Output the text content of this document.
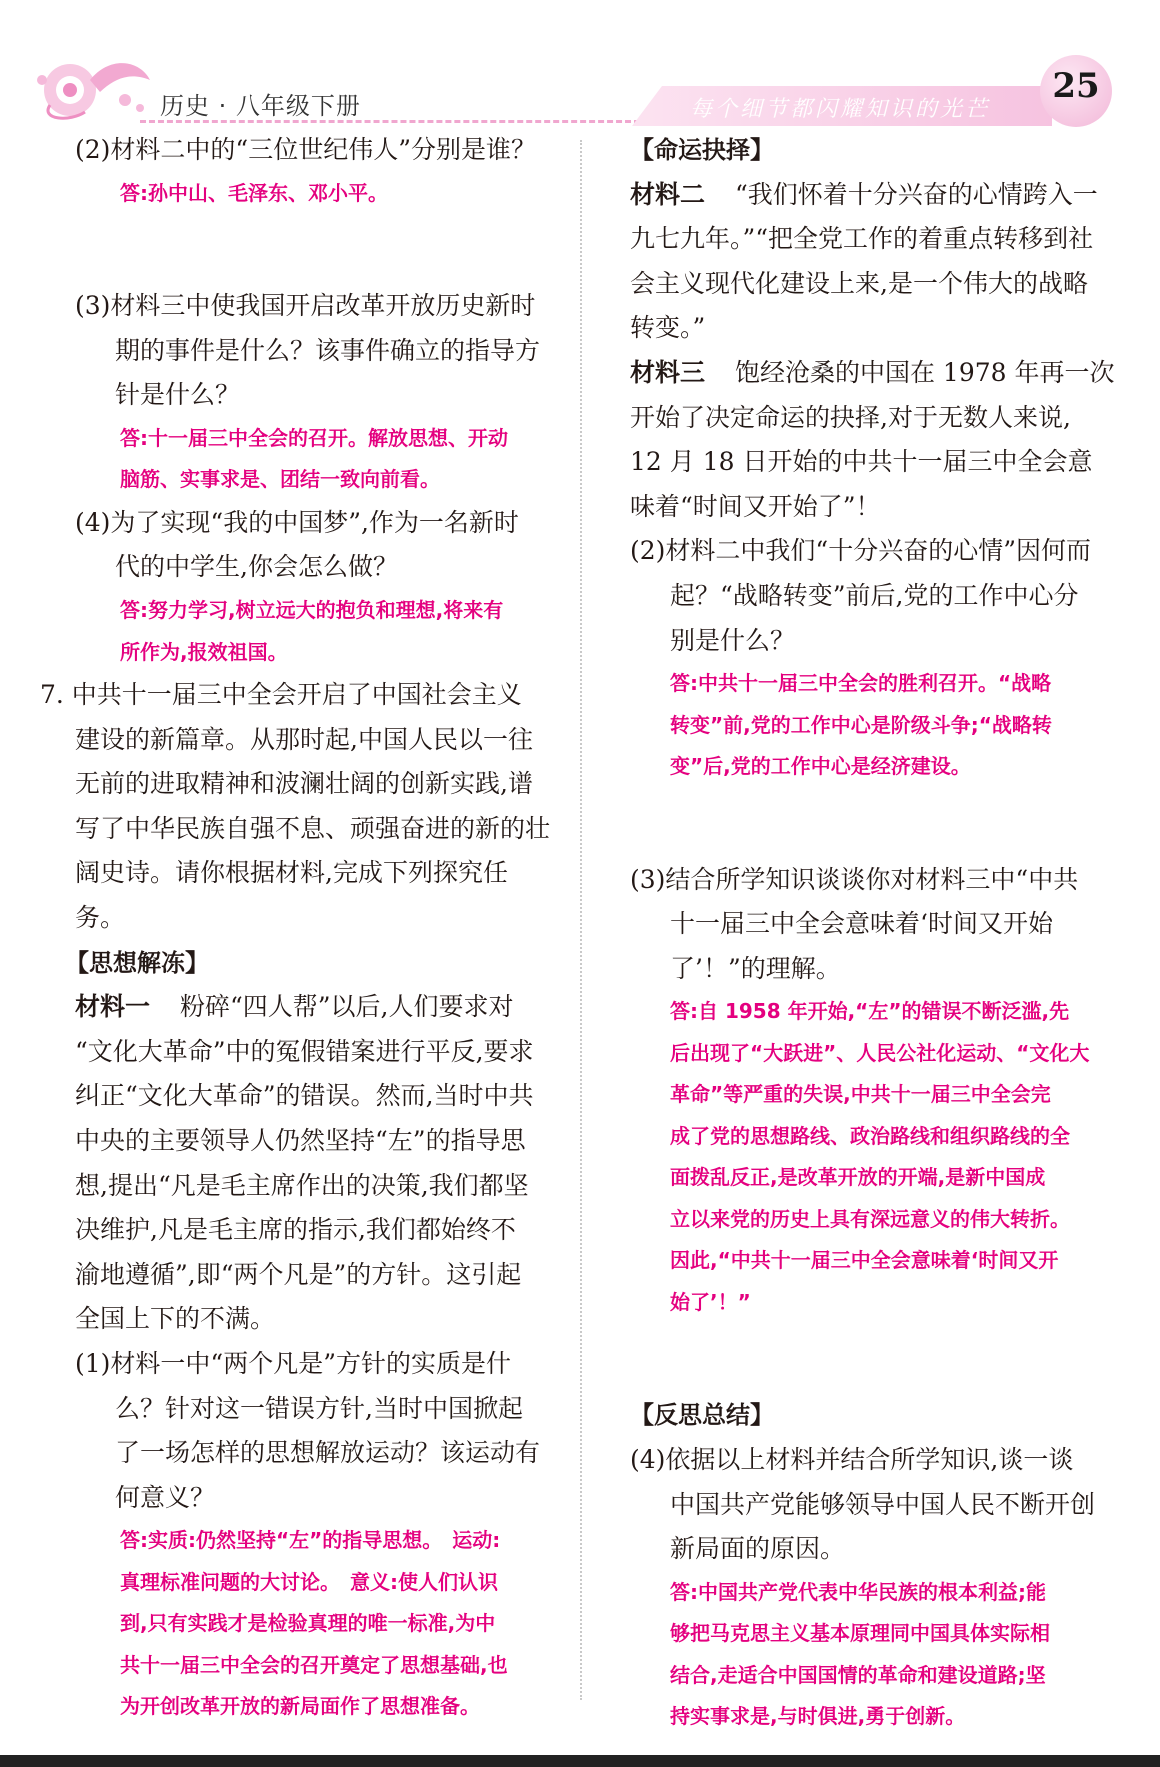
历史 · 八年级下册	每个细节都闪耀知识的光芒
25
(2)材料二中的“三位世纪伟人”分别是谁？
答:孙中山、毛泽东、邓小平。
(3)材料三中使我国开启改革开放历史新时
期的事件是什么？该事件确立的指导方
针是什么？
答:十一届三中全会的召开。解放思想、开动
脑筋、实事求是、团结一致向前看。
(4)为了实现“我的中国梦”,作为一名新时
代的中学生,你会怎么做？
答:努力学习,树立远大的抱负和理想,将来有
所作为,报效祖国。
7. 中共十一届三中全会开启了中国社会主义
建设的新篇章。从那时起,中国人民以一往
无前的进取精神和波澜壮阔的创新实践,谱
写了中华民族自强不息、顽强奋进的新的壮
阔史诗。请你根据材料,完成下列探究任
务。
【思想解冻】
材料一 粉碎“四人帮”以后,人们要求对
“文化大革命”中的冤假错案进行平反,要求
纠正“文化大革命”的错误。然而,当时中共
中央的主要领导人仍然坚持“左”的指导思
想,提出“凡是毛主席作出的决策,我们都坚
决维护,凡是毛主席的指示,我们都始终不
渝地遵循”,即“两个凡是”的方针。这引起
全国上下的不满。
(1)材料一中“两个凡是”方针的实质是什
么？针对这一错误方针,当时中国掀起
了一场怎样的思想解放运动？该运动有
何意义？
答:实质:仍然坚持“左”的指导思想。　运动:
真理标准问题的大讨论。　意义:使人们认识
到,只有实践才是检验真理的唯一标准,为中
共十一届三中全会的召开奠定了思想基础,也
为开创改革开放的新局面作了思想准备。
【命运抉择】
材料二 “我们怀着十分兴奋的心情跨入一
九七九年。”“把全党工作的着重点转移到社
会主义现代化建设上来,是一个伟大的战略
转变。”
材料三 饱经沧桑的中国在 1978 年再一次
开始了决定命运的抉择,对于无数人来说,
12 月 18 日开始的中共十一届三中全会意
味着“时间又开始了”！
(2)材料二中我们“十分兴奋的心情”因何而
起？“战略转变”前后,党的工作中心分
别是什么？
答:中共十一届三中全会的胜利召开。“战略
转变”前,党的工作中心是阶级斗争;“战略转
变”后,党的工作中心是经济建设。
(3)结合所学知识谈谈你对材料三中“中共
十一届三中全会意味着‘时间又开始
了’！”的理解。
答:自 1958 年开始,“左”的错误不断泛滥,先
后出现了“大跃进”、人民公社化运动、“文化大
革命”等严重的失误,中共十一届三中全会完
成了党的思想路线、政治路线和组织路线的全
面拨乱反正,是改革开放的开端,是新中国成
立以来党的历史上具有深远意义的伟大转折。
因此,“中共十一届三中全会意味着‘时间又开
始了’！”
【反思总结】
(4)依据以上材料并结合所学知识,谈一谈
中国共产党能够领导中国人民不断开创
新局面的原因。
答:中国共产党代表中华民族的根本利益;能
够把马克思主义基本原理同中国具体实际相
结合,走适合中国国情的革命和建设道路;坚
持实事求是,与时俱进,勇于创新。
